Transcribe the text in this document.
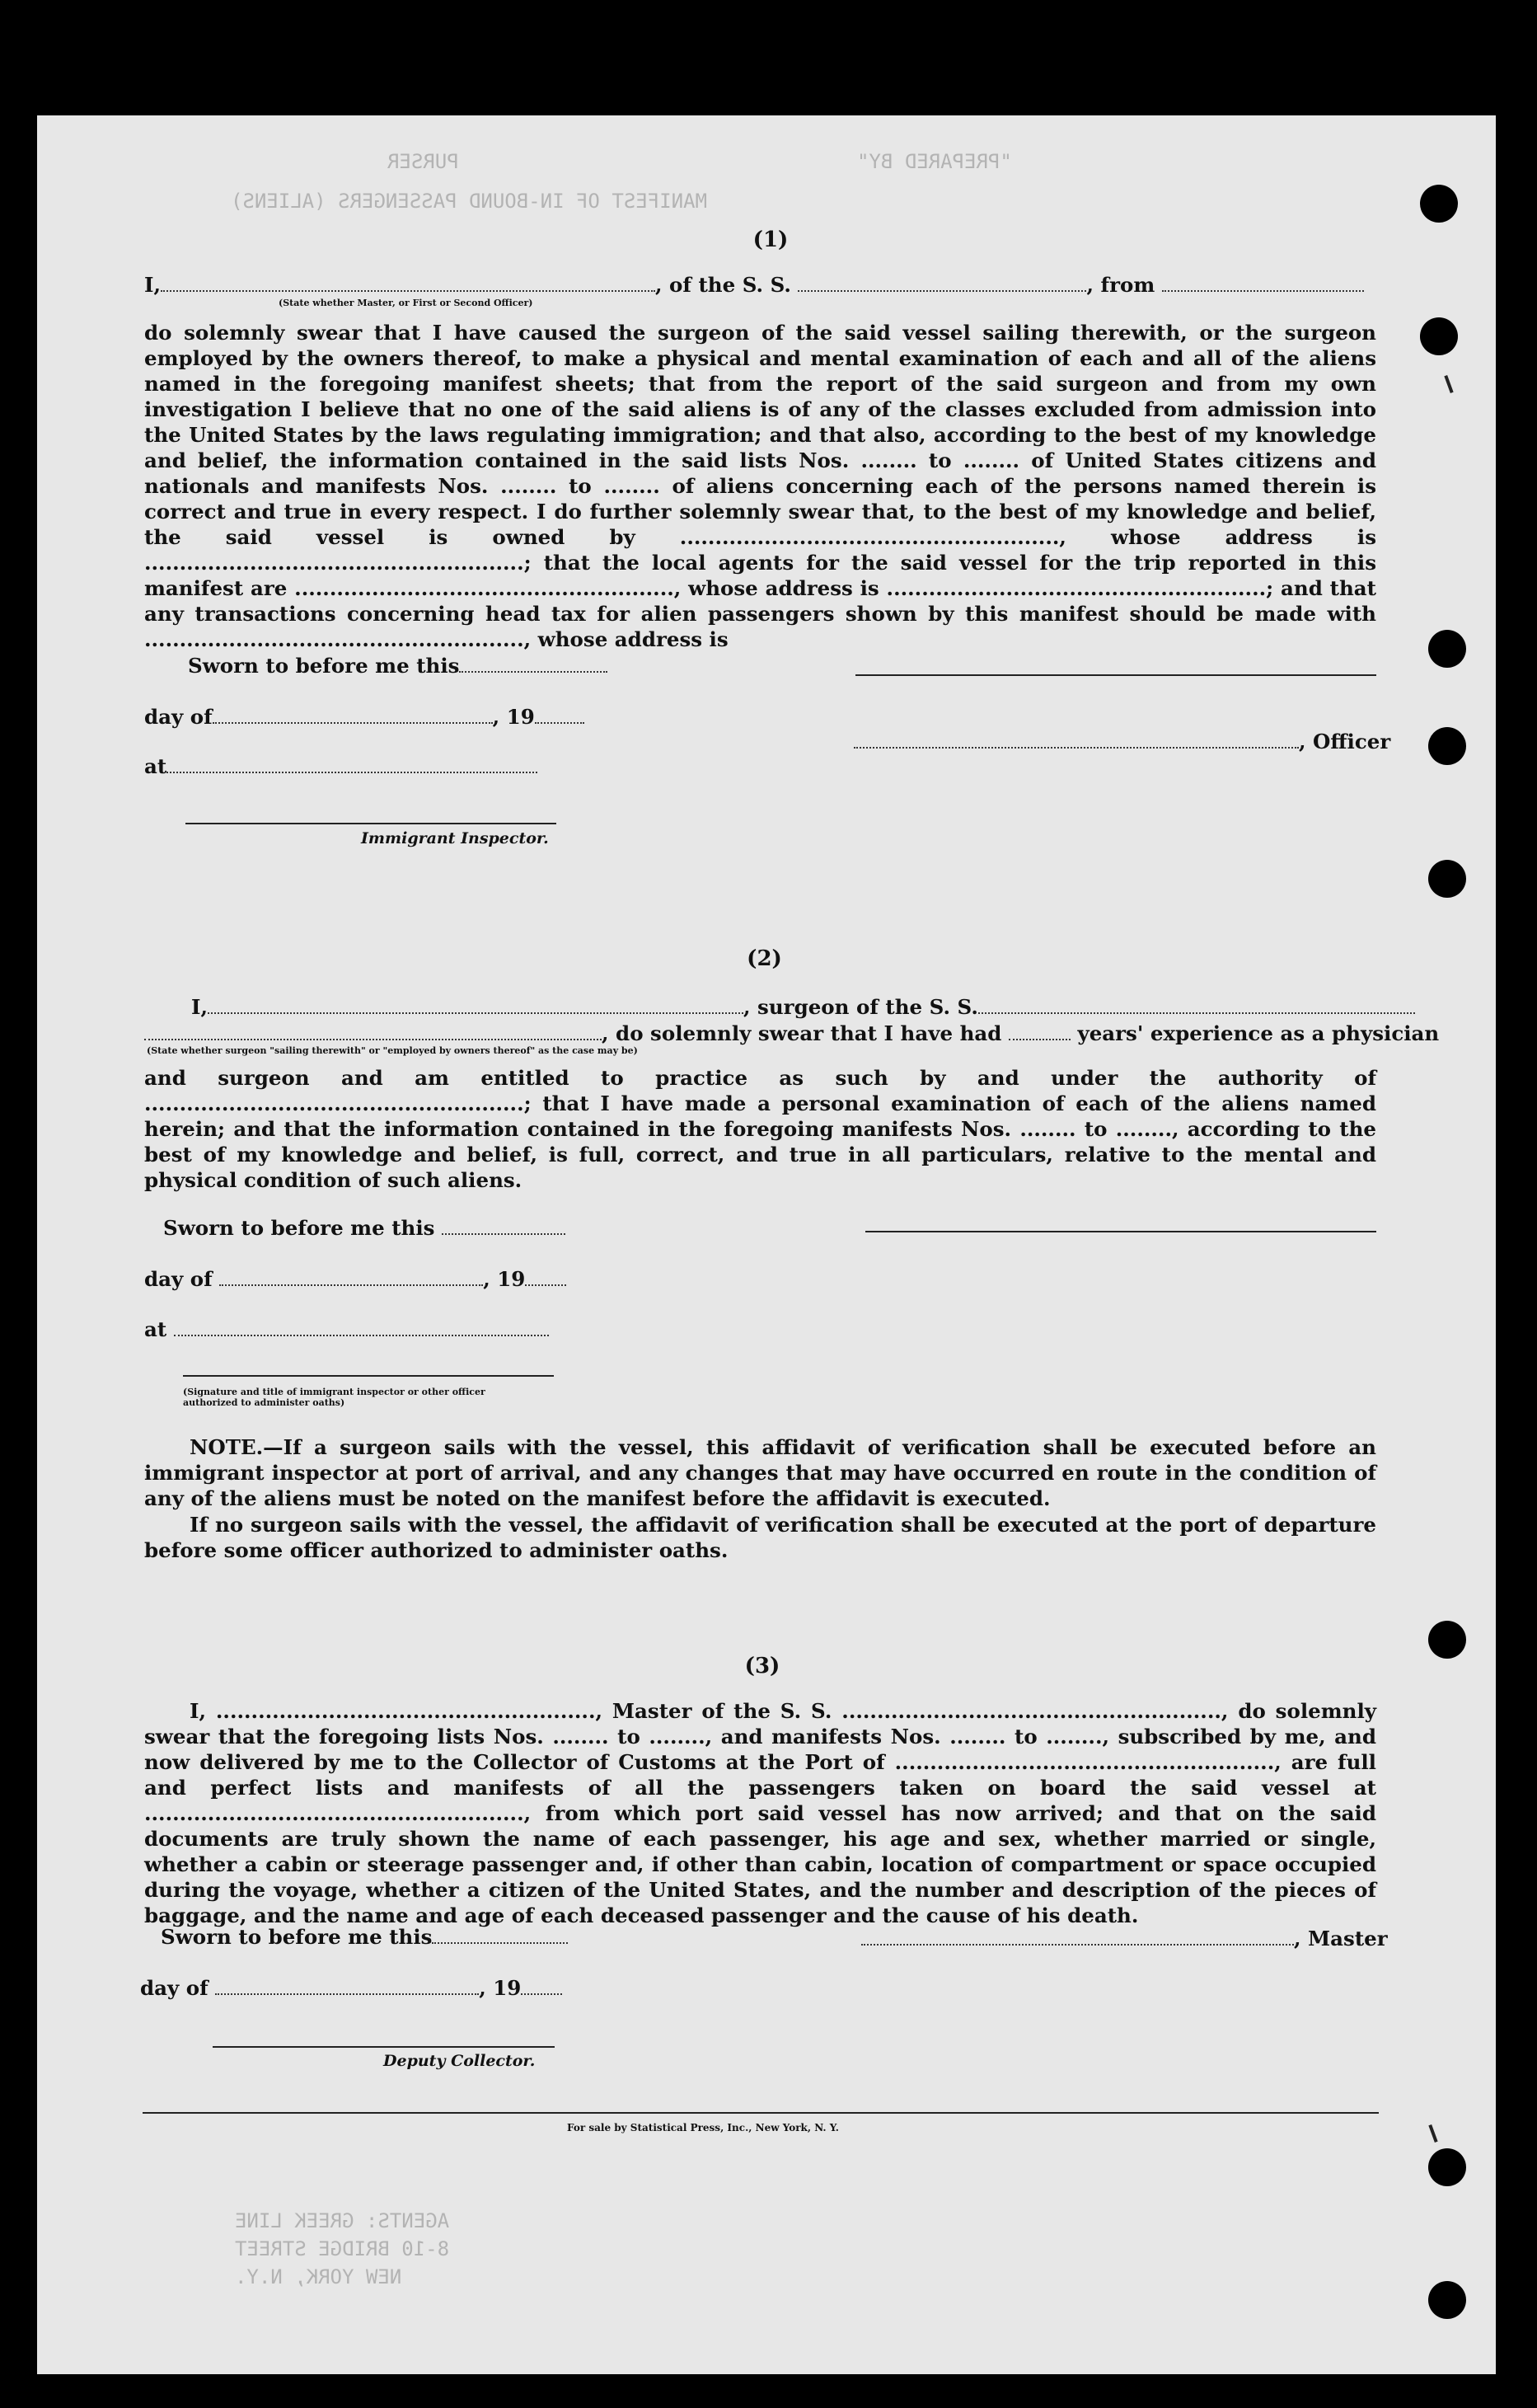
PURSER	"PREPARED BY"
MANIFEST OF IN-BOUND PASSENGERS (ALIENS)
AGENTS: GREEK LINE
8-10 BRIDGE STREET
NEW YORK, N.Y.
(1)
I,	, of the S. S.	, from
(State whether Master, or First or Second Officer)
do solemnly swear that I have caused the surgeon of the said vessel sailing therewith, or the surgeon employed by the owners thereof, to make a physical and mental examination of each and all of the aliens named in the foregoing manifest sheets; that from the report of the said surgeon and from my own investigation I believe that no one of the said aliens is of any of the classes excluded from admission into the United States by the laws regulating immigration; and that also, according to the best of my knowledge and belief, the information contained in the said lists Nos. ........ to ........ of United States citizens and nationals and manifests Nos. ........ to ........ of aliens concerning each of the persons named therein is correct and true in every respect. I do further solemnly swear that, to the best of my knowledge and belief, the said vessel is owned by ......................................................, whose address is ......................................................; that the local agents for the said vessel for the trip reported in this manifest are ......................................................, whose address is ......................................................; and that any transactions concerning head tax for alien passengers shown by this manifest should be made with ......................................................, whose address is
Sworn to before me this
day of	, 19
at
Immigrant Inspector.
, Officer
(2)
I,	, surgeon of the S. S.
, do solemnly swear that I have had	years' experience as a physician
(State whether surgeon "sailing therewith" or "employed by owners thereof" as the case may be)
and surgeon and am entitled to practice as such by and under the authority of ......................................................; that I have made a personal examination of each of the aliens named herein; and that the information contained in the foregoing manifests Nos. ........ to ........, according to the best of my knowledge and belief, is full, correct, and true in all particulars, relative to the mental and physical condition of such aliens.
Sworn to before me this
day of	, 19
at
(Signature and title of immigrant inspector or other officer authorized to administer oaths)
NOTE.—If a surgeon sails with the vessel, this affidavit of verification shall be executed before an immigrant inspector at port of arrival, and any changes that may have occurred en route in the condition of any of the aliens must be noted on the manifest before the affidavit is executed.
If no surgeon sails with the vessel, the affidavit of verification shall be executed at the port of departure before some officer authorized to administer oaths.
(3)
I, ......................................................, Master of the S. S. ......................................................, do solemnly swear that the foregoing lists Nos. ........ to ........, and manifests Nos. ........ to ........, subscribed by me, and now delivered by me to the Collector of Customs at the Port of ......................................................, are full and perfect lists and manifests of all the passengers taken on board the said vessel at ......................................................, from which port said vessel has now arrived; and that on the said documents are truly shown the name of each passenger, his age and sex, whether married or single, whether a cabin or steerage passenger and, if other than cabin, location of compartment or space occupied during the voyage, whether a citizen of the United States, and the number and description of the pieces of baggage, and the name and age of each deceased passenger and the cause of his death.
Sworn to before me this
day of	, 19
Deputy Collector.
, Master
For sale by Statistical Press, Inc., New York, N. Y.
